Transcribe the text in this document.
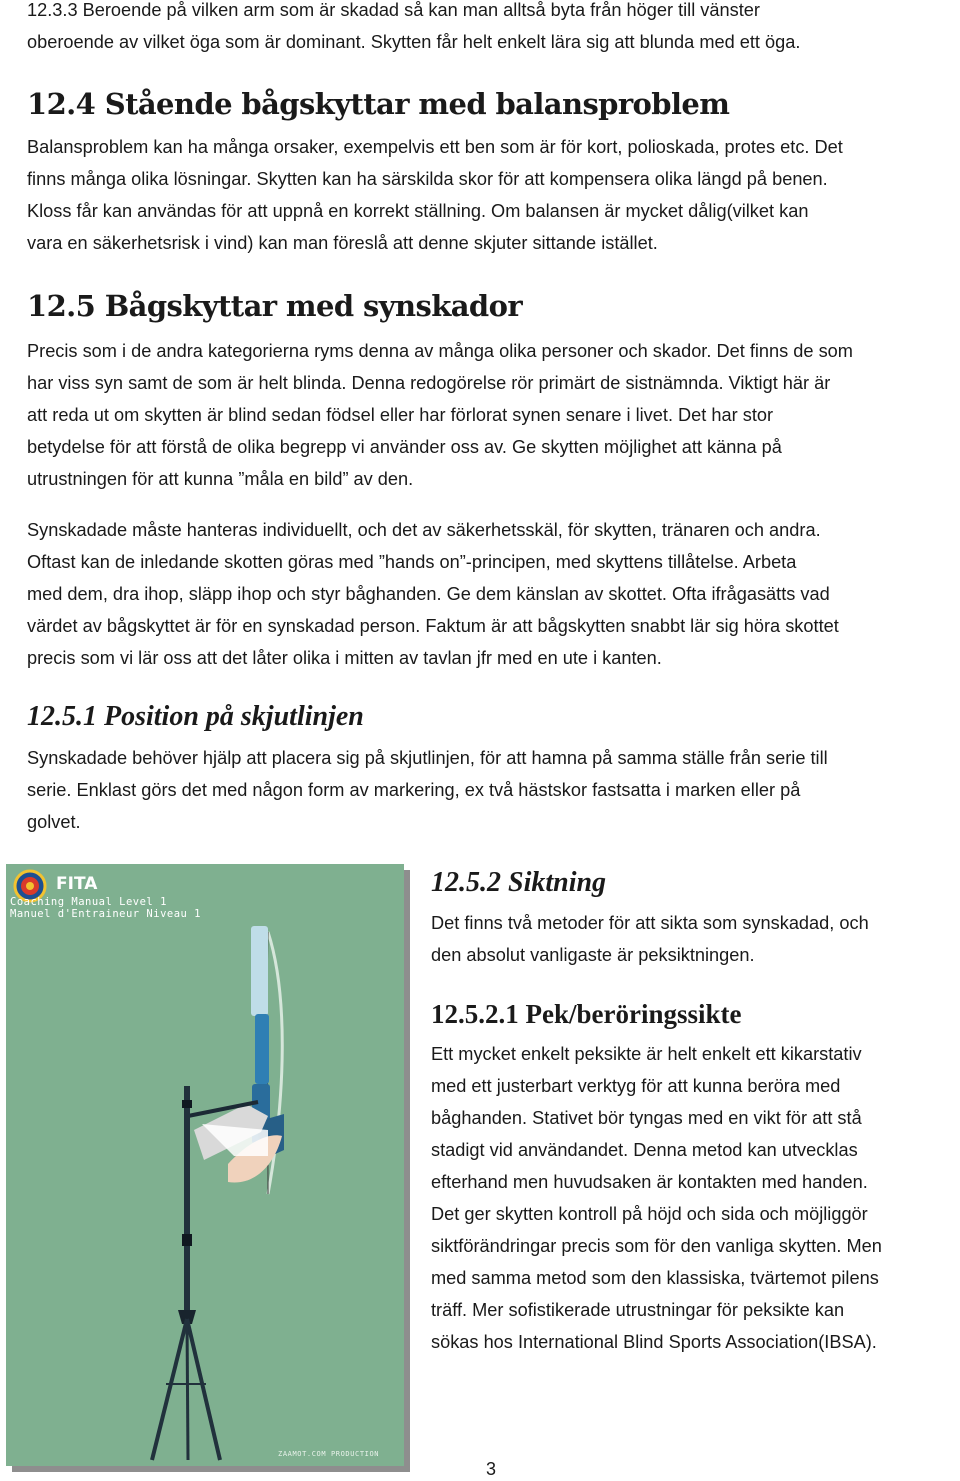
12.3.3 Beroende på vilken arm som är skadad så kan man alltså byta från höger till vänster
oberoende av vilket öga som är dominant. Skytten får helt enkelt lära sig att blunda med ett öga.

12.4 Stående bågskyttar med balansproblem

Balansproblem kan ha många orsaker, exempelvis ett ben som är för kort, polioskada, protes etc. Det
finns många olika lösningar. Skytten kan ha särskilda skor för att kompensera olika längd på benen.
Kloss får kan användas för att uppnå en korrekt ställning. Om balansen är mycket dålig(vilket kan
vara en säkerhetsrisk i vind) kan man föreslå att denne skjuter sittande istället.

12.5 Bågskyttar med synskador

Precis som i de andra kategorierna ryms denna av många olika personer och skador. Det finns de som
har viss syn samt de som är helt blinda. Denna redogörelse rör primärt de sistnämnda. Viktigt här är
att reda ut om skytten är blind sedan födsel eller har förlorat synen senare i livet. Det har stor
betydelse för att förstå de olika begrepp vi använder oss av. Ge skytten möjlighet att känna på
utrustningen för att kunna ”måla en bild” av den.

Synskadade måste hanteras individuellt, och det av säkerhetsskäl, för skytten, tränaren och andra.
Oftast kan de inledande skotten göras med ”hands on”-principen, med skyttens tillåtelse. Arbeta
med dem, dra ihop, släpp ihop och styr båghanden. Ge dem känslan av skottet. Ofta ifrågasätts vad
värdet av bågskyttet är för en synskadad person. Faktum är att bågskytten snabbt lär sig höra skottet
precis som vi lär oss att det låter olika i mitten av tavlan jfr med en ute i kanten.

12.5.1 Position på skjutlinjen

Synskadade behöver hjälp att placera sig på skjutlinjen, för att hamna på samma ställe från serie till
serie. Enklast görs det med någon form av markering, ex två hästskor fastsatta i marken eller på
golvet.

FITA
Coaching Manual Level 1
Manuel d'Entraineur Niveau 1
ZAAMOT.COM PRODUCTION
12.5.2 Siktning

Det finns två metoder för att sikta som synskadad, och
den absolut vanligaste är peksiktningen.

12.5.2.1 Pek/beröringssikte

Ett mycket enkelt peksikte är helt enkelt ett kikarstativ
med ett justerbart verktyg för att kunna beröra med
båghanden. Stativet bör tyngas med en vikt för att stå
stadigt vid användandet. Denna metod kan utvecklas
efterhand men huvudsaken är kontakten med handen.
Det ger skytten kontroll på höjd och sida och möjliggör
siktförändringar precis som för den vanliga skytten. Men
med samma metod som den klassiska, tvärtemot pilens
träff. Mer sofistikerade utrustningar för peksikte kan
sökas hos International Blind Sports Association(IBSA).

3
